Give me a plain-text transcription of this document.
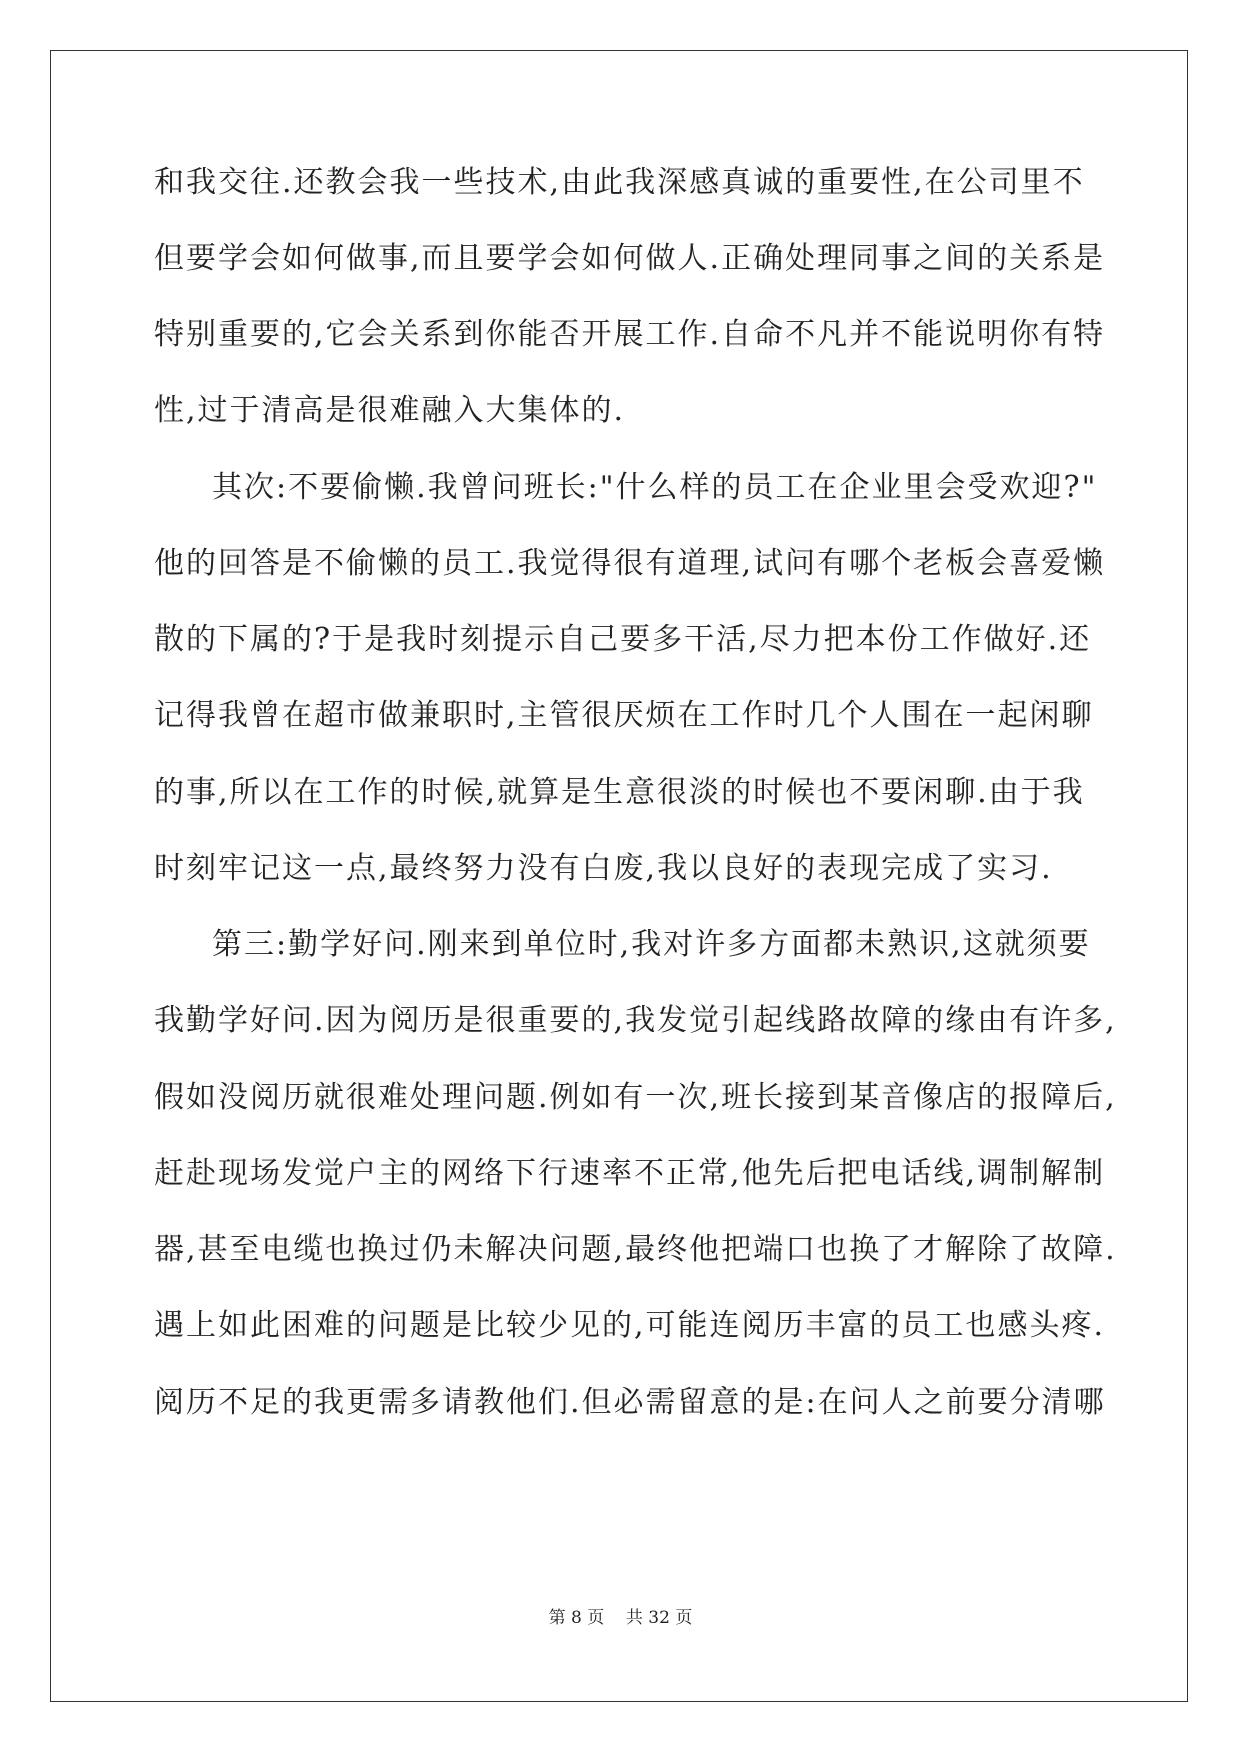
和我交往.还教会我一些技术,由此我深感真诚的重要性,在公司里不
但要学会如何做事,而且要学会如何做人.正确处理同事之间的关系是
特别重要的,它会关系到你能否开展工作.自命不凡并不能说明你有特
性,过于清高是很难融入大集体的.
其次:不要偷懒.我曾问班长:"什么样的员工在企业里会受欢迎?"
他的回答是不偷懒的员工.我觉得很有道理,试问有哪个老板会喜爱懒
散的下属的?于是我时刻提示自己要多干活,尽力把本份工作做好.还
记得我曾在超市做兼职时,主管很厌烦在工作时几个人围在一起闲聊
的事,所以在工作的时候,就算是生意很淡的时候也不要闲聊.由于我
时刻牢记这一点,最终努力没有白废,我以良好的表现完成了实习.
第三:勤学好问.刚来到单位时,我对许多方面都未熟识,这就须要
我勤学好问.因为阅历是很重要的,我发觉引起线路故障的缘由有许多,
假如没阅历就很难处理问题.例如有一次,班长接到某音像店的报障后,
赶赴现场发觉户主的网络下行速率不正常,他先后把电话线,调制解制
器,甚至电缆也换过仍未解决问题,最终他把端口也换了才解除了故障.
遇上如此困难的问题是比较少见的,可能连阅历丰富的员工也感头疼.
阅历不足的我更需多请教他们.但必需留意的是:在问人之前要分清哪
第 8 页    共 32 页
